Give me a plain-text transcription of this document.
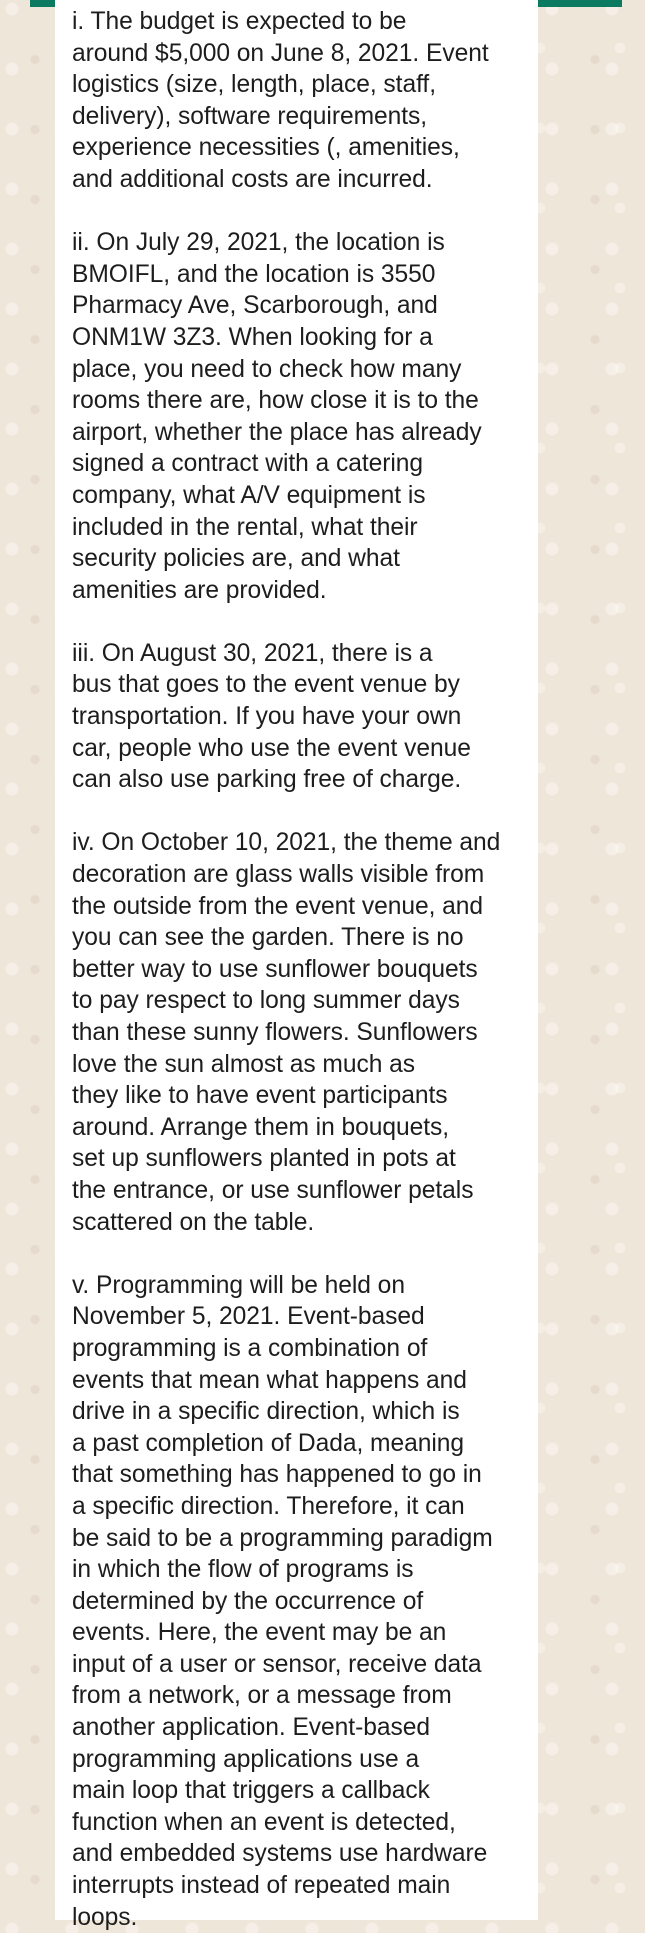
i. The budget is expected to be
around $5,000 on June 8, 2021. Event
logistics (size, length, place, staff,
delivery), software requirements,
experience necessities (, amenities,
and additional costs are incurred.
ii. On July 29, 2021, the location is
BMOIFL, and the location is 3550
Pharmacy Ave, Scarborough, and
ONM1W 3Z3. When looking for a
place, you need to check how many
rooms there are, how close it is to the
airport, whether the place has already
signed a contract with a catering
company, what A/V equipment is
included in the rental, what their
security policies are, and what
amenities are provided.
iii. On August 30, 2021, there is a
bus that goes to the event venue by
transportation. If you have your own
car, people who use the event venue
can also use parking free of charge.
iv. On October 10, 2021, the theme and
decoration are glass walls visible from
the outside from the event venue, and
you can see the garden. There is no
better way to use sunflower bouquets
to pay respect to long summer days
than these sunny flowers. Sunflowers
love the sun almost as much as
they like to have event participants
around. Arrange them in bouquets,
set up sunflowers planted in pots at
the entrance, or use sunflower petals
scattered on the table.
v. Programming will be held on
November 5, 2021. Event-based
programming is a combination of
events that mean what happens and
drive in a specific direction, which is
a past completion of Dada, meaning
that something has happened to go in
a specific direction. Therefore, it can
be said to be a programming paradigm
in which the flow of programs is
determined by the occurrence of
events. Here, the event may be an
input of a user or sensor, receive data
from a network, or a message from
another application. Event-based
programming applications use a
main loop that triggers a callback
function when an event is detected,
and embedded systems use hardware
interrupts instead of repeated main
loops.
